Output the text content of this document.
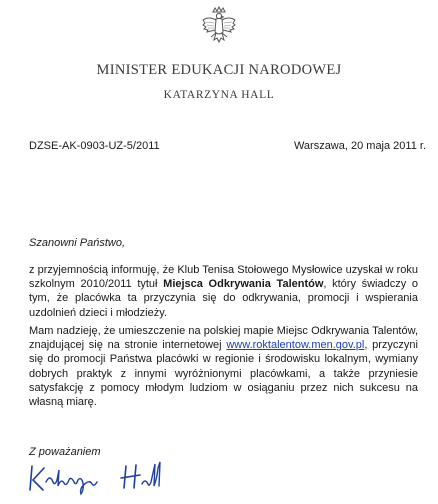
MINISTER EDUKACJI NARODOWEJ
KATARZYNA HALL
DZSE-AK-0903-UZ-5/2011	Warszawa, 20 maja 2011 r.
Szanowni Państwo,

z przyjemnością informuję, że Klub Tenisa Stołowego Mysłowice uzyskał w roku szkolnym 2010/2011 tytuł Miejsca Odkrywania Talentów, który świadczy o tym, że placówka ta przyczynia się do odkrywania, promocji i wspierania uzdolnień dzieci i młodzieży.

Mam nadzieję, że umieszczenie na polskiej mapie Miejsc Odkrywania Talentów, znajdującej się na stronie internetowej www.roktalentow.men.gov.pl, przyczyni się do promocji Państwa placówki w regionie i środowisku lokalnym, wymiany dobrych praktyk z innymi wyróżnionymi placówkami, a także przyniesie satysfakcję z pomocy młodym ludziom w osiąganiu przez nich sukcesu na własną miarę.

Z poważaniem
